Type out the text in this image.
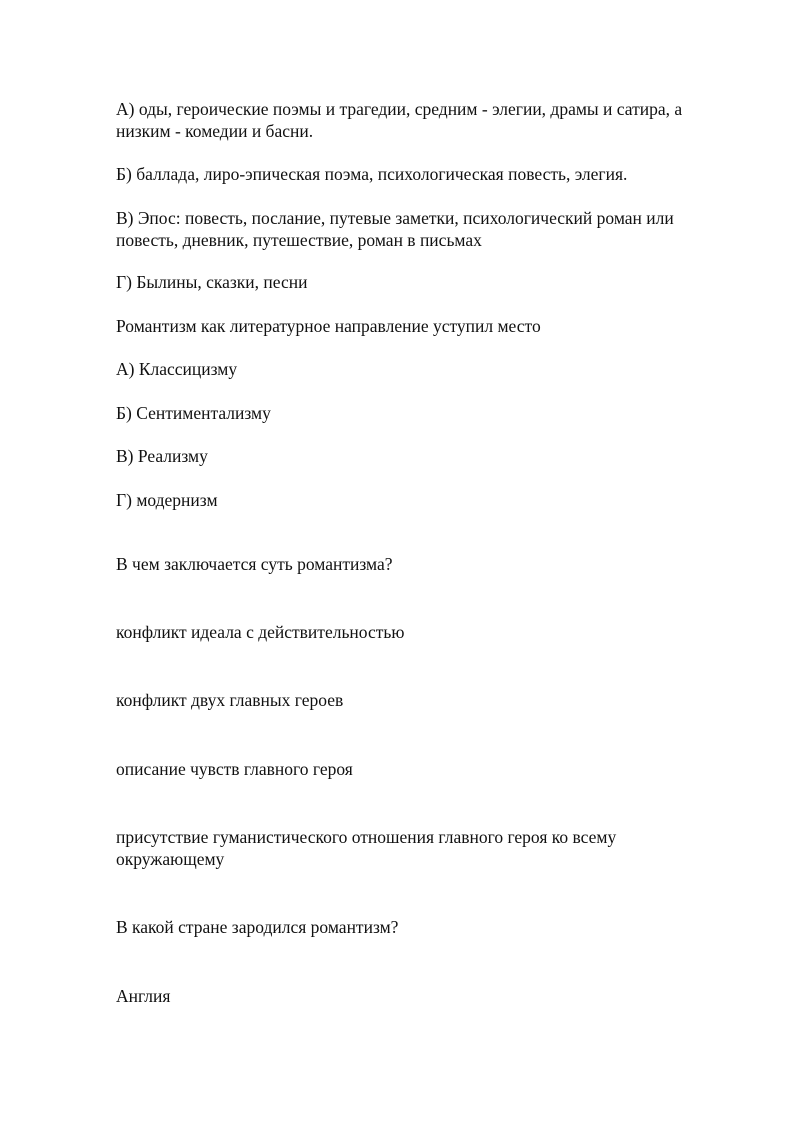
А) оды, героические поэмы и трагедии, средним - элегии, драмы и сатира, а
низким - комедии и басни.
Б) баллада, лиро-эпическая поэма, психологическая повесть, элегия.
В) Эпос: повесть, послание, путевые заметки, психологический роман или
повесть, дневник, путешествие, роман в письмах
Г) Былины, сказки, песни
Романтизм как литературное направление уступил место
А) Классицизму
Б) Сентиментализму
В) Реализму
Г) модернизм
В чем заключается суть романтизма?
конфликт идеала с действительностью
конфликт двух главных героев
описание чувств главного героя
присутствие гуманистического отношения главного героя ко всему
окружающему
В какой стране зародился романтизм?
Англия
